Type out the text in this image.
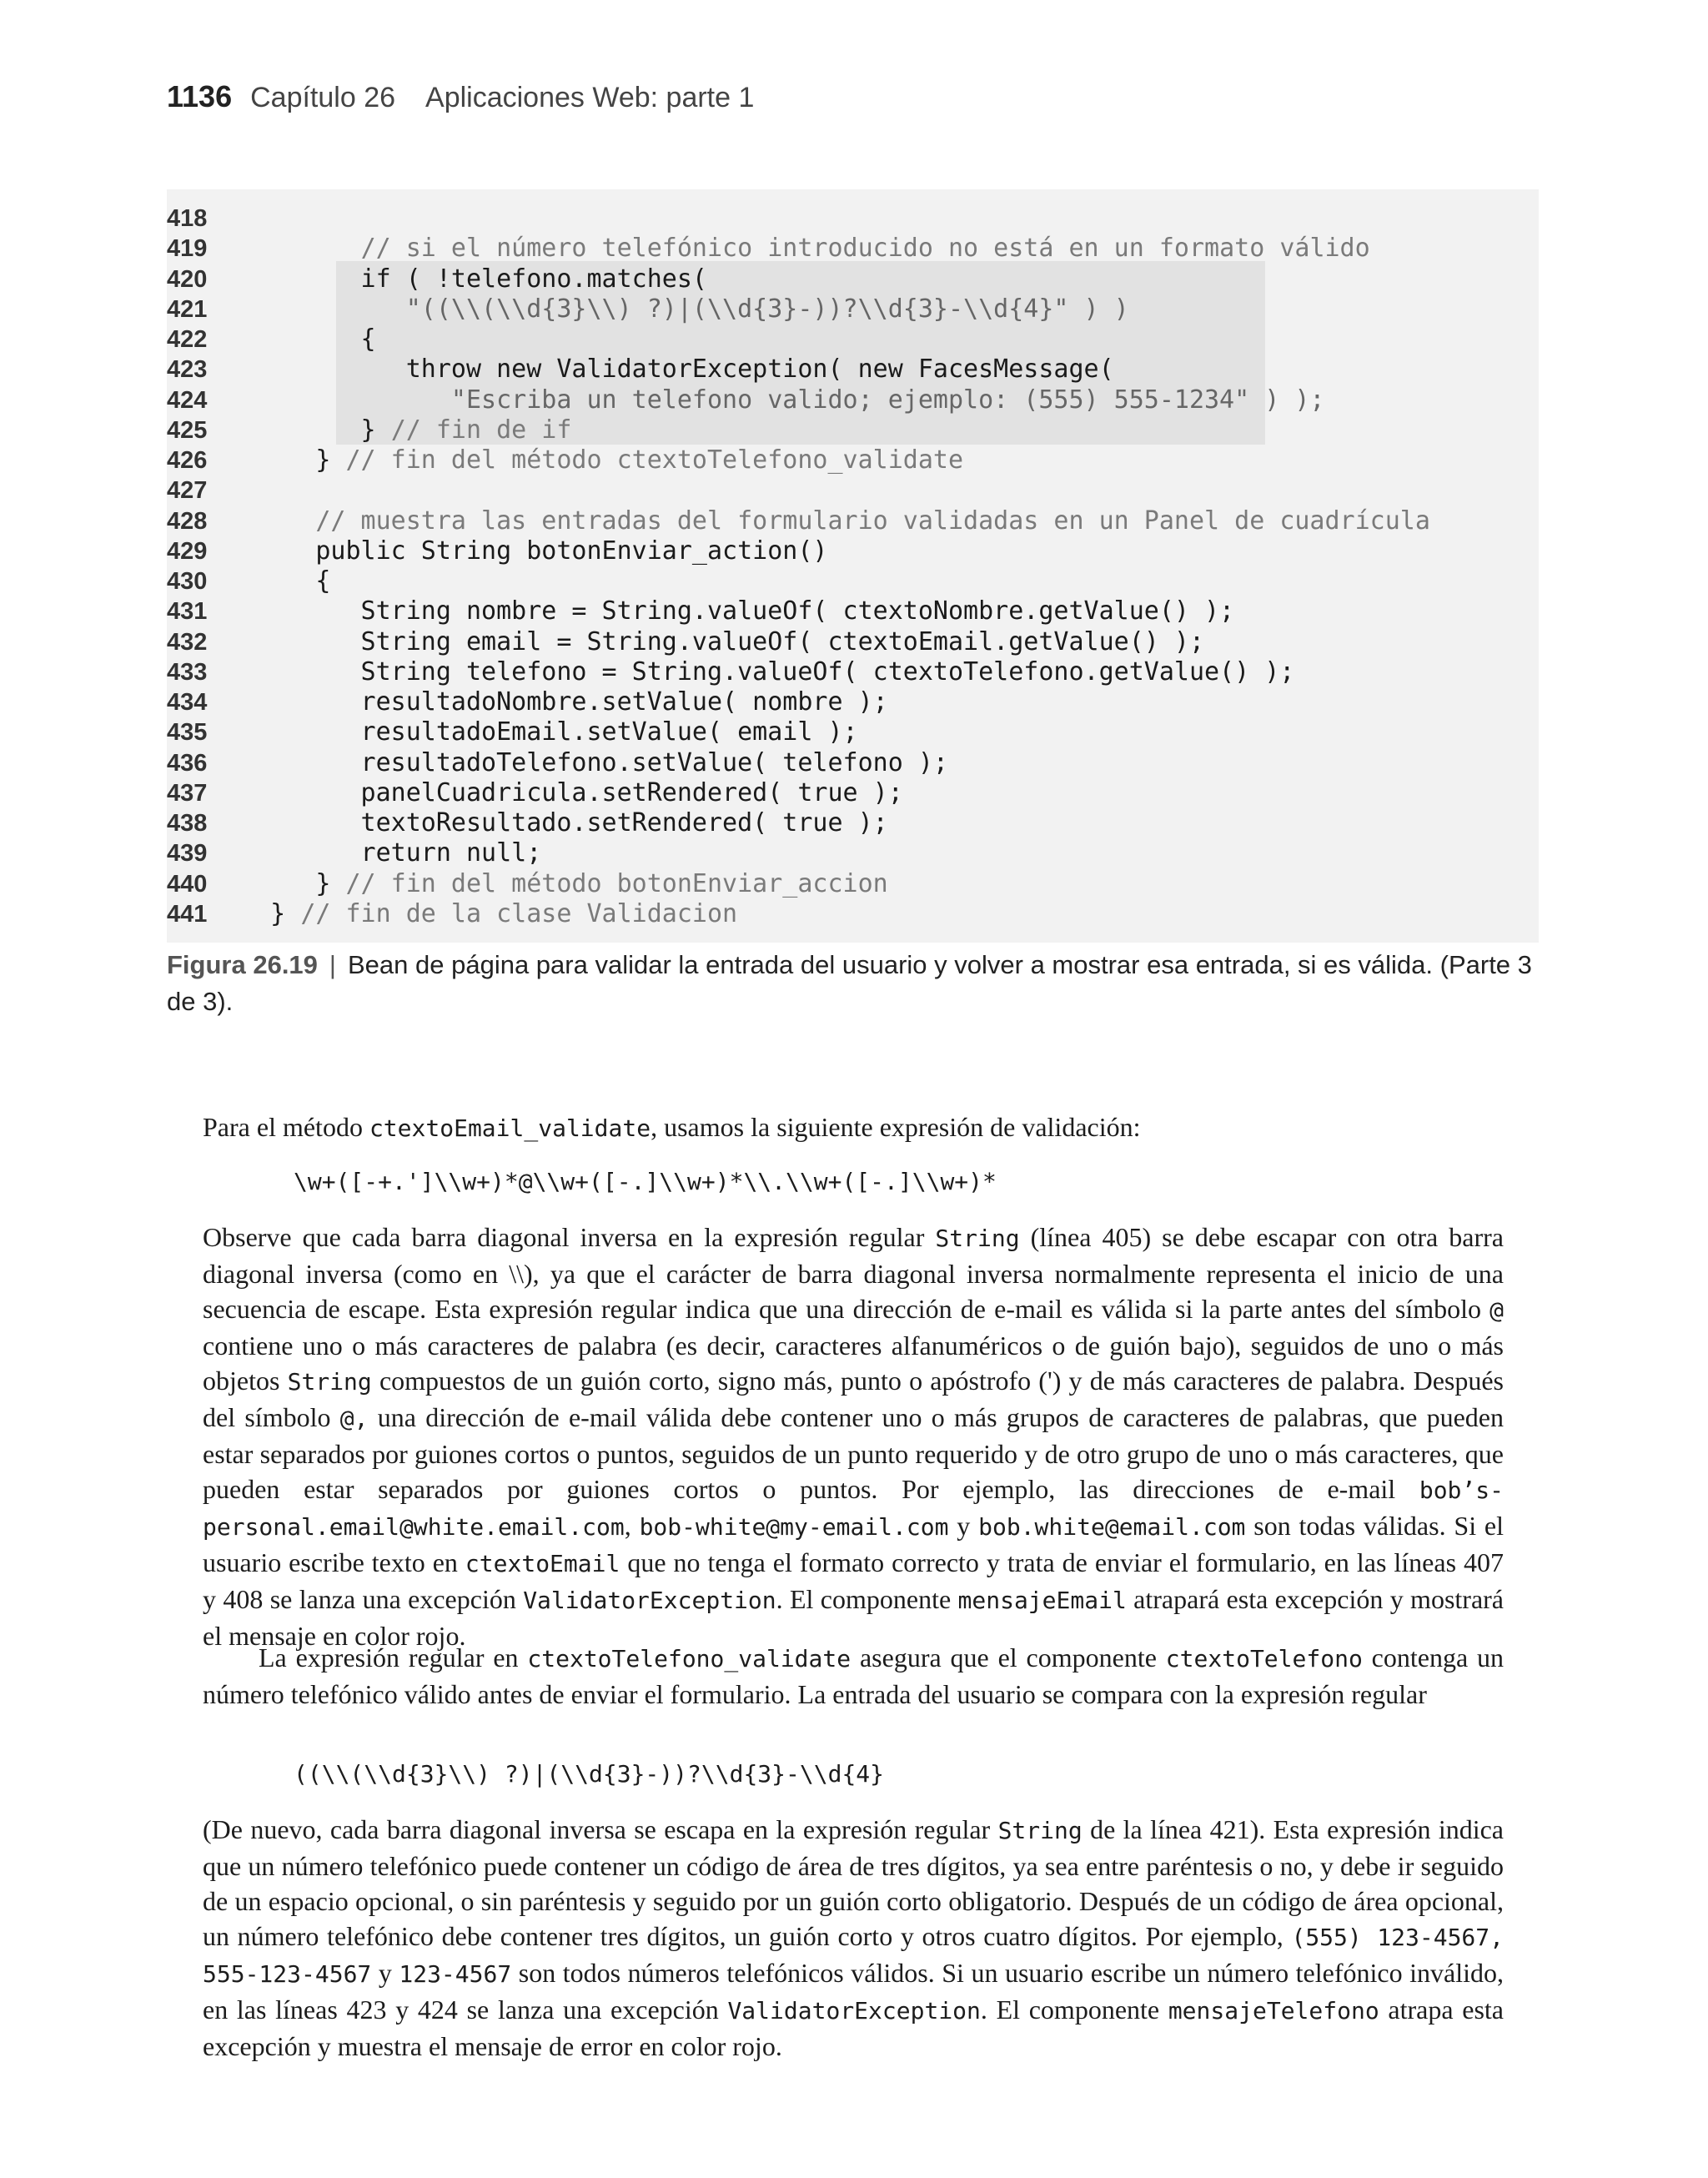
1136 Capítulo 26 Aplicaciones Web: parte 1
418
419	// si el número telefónico introducido no está en un formato válido
420         if ( !telefono.matches(
421            "((\\(\\d{3}\\) ?)|(\\d{3}-))?\\d{3}-\\d{4}" ) )
422         {
423            throw new ValidatorException( new FacesMessage(
424               "Escriba un telefono valido; ejemplo: (555) 555-1234" ) );
425         } // fin de if
426      } // fin del método ctextoTelefono_validate
427
428	// muestra las entradas del formulario validadas en un Panel de cuadrícula
429      public String botonEnviar_action()
430      {
431         String nombre = String.valueOf( ctextoNombre.getValue() );
432         String email = String.valueOf( ctextoEmail.getValue() );
433         String telefono = String.valueOf( ctextoTelefono.getValue() );
434         resultadoNombre.setValue( nombre );
435         resultadoEmail.setValue( email );
436         resultadoTelefono.setValue( telefono );
437         panelCuadricula.setRendered( true );
438         textoResultado.setRendered( true );
439         return null;
440      } // fin del método botonEnviar_accion
441   } // fin de la clase Validacion
Figura 26.19 | Bean de página para validar la entrada del usuario y volver a mostrar esa entrada, si es válida. (Parte 3 de 3).
Para el método ctextoEmail_validate, usamos la siguiente expresión de validación:
\w+([-+.']\\w+)*@\\w+([-.]\\w+)*\\.\\w+([-.]\\w+)*
Observe que cada barra diagonal inversa en la expresión regular String (línea 405) se debe escapar con otra barra diagonal inversa (como en \\), ya que el carácter de barra diagonal inversa normalmente representa el inicio de una secuencia de escape. Esta expresión regular indica que una dirección de e-mail es válida si la parte antes del símbolo @ contiene uno o más caracteres de palabra (es decir, caracteres alfanuméricos o de guión bajo), seguidos de uno o más objetos String compuestos de un guión corto, signo más, punto o apóstrofo (') y de más caracteres de palabra. Después del símbolo @, una dirección de e-mail válida debe contener uno o más grupos de caracteres de palabras, que pueden estar separados por guiones cortos o puntos, seguidos de un punto requerido y de otro grupo de uno o más caracteres, que pueden estar separados por guiones cortos o puntos. Por ejemplo, las direcciones de e-mail bob’s-personal.email@white.email.com, bob-white@my-email.com y bob.white@email.com son todas válidas. Si el usuario escribe texto en ctextoEmail que no tenga el formato correcto y trata de enviar el formulario, en las líneas 407 y 408 se lanza una excepción ValidatorException. El componente mensajeEmail atrapará esta excepción y mostrará el mensaje en color rojo.
La expresión regular en ctextoTelefono_validate asegura que el componente ctextoTelefono contenga un número telefónico válido antes de enviar el formulario. La entrada del usuario se compara con la expresión regular
((\\(\\d{3}\\) ?)|(\\d{3}-))?\\d{3}-\\d{4}
(De nuevo, cada barra diagonal inversa se escapa en la expresión regular String de la línea 421). Esta expresión indica que un número telefónico puede contener un código de área de tres dígitos, ya sea entre paréntesis o no, y debe ir seguido de un espacio opcional, o sin paréntesis y seguido por un guión corto obligatorio. Después de un código de área opcional, un número telefónico debe contener tres dígitos, un guión corto y otros cuatro dígitos. Por ejemplo, (555) 123-4567, 555-123-4567 y 123-4567 son todos números telefónicos válidos. Si un usuario escribe un número telefónico inválido, en las líneas 423 y 424 se lanza una excepción ValidatorException. El componente mensajeTelefono atrapa esta excepción y muestra el mensaje de error en color rojo.
